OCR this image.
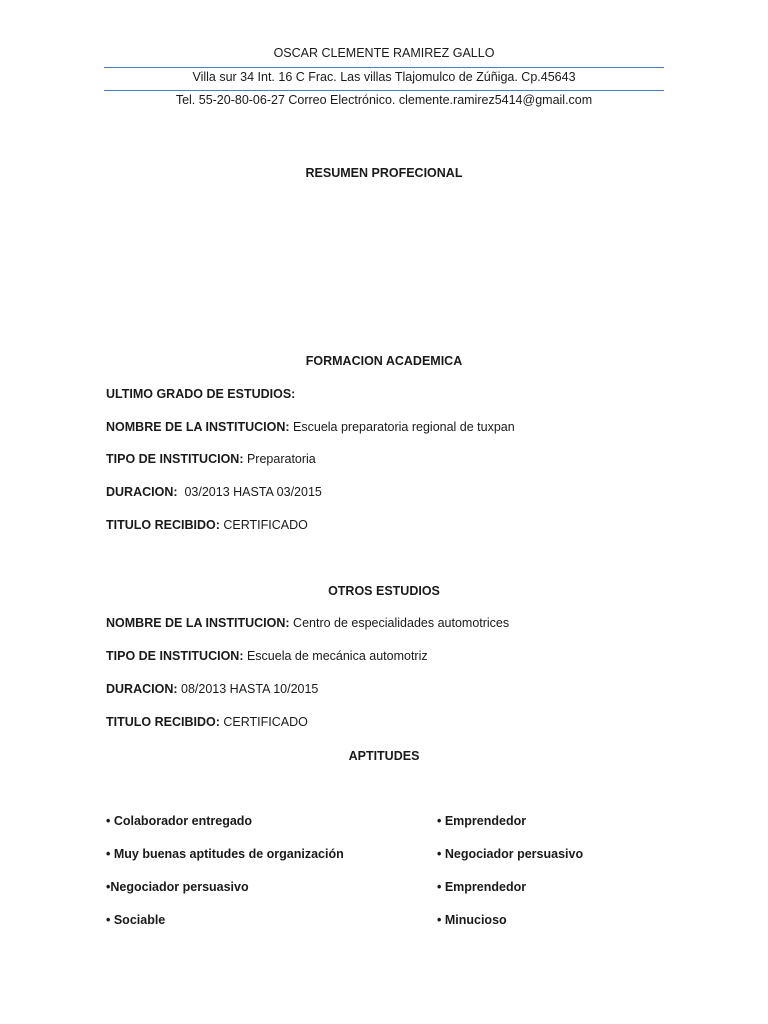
OSCAR CLEMENTE RAMIREZ GALLO
Villa sur 34 Int. 16 C Frac. Las villas Tlajomulco de Zúñiga. Cp.45643
Tel. 55-20-80-06-27 Correo Electrónico. clemente.ramirez5414@gmail.com
RESUMEN PROFECIONAL
FORMACION ACADEMICA
ULTIMO GRADO DE ESTUDIOS:
NOMBRE DE LA INSTITUCION: Escuela preparatoria regional de tuxpan
TIPO DE INSTITUCION: Preparatoria
DURACION:  03/2013 HASTA 03/2015
TITULO RECIBIDO: CERTIFICADO
OTROS ESTUDIOS
NOMBRE DE LA INSTITUCION: Centro de especialidades automotrices
TIPO DE INSTITUCION: Escuela de mecánica automotriz
DURACION: 08/2013 HASTA 10/2015
TITULO RECIBIDO: CERTIFICADO
APTITUDES
• Colaborador entregado
• Muy buenas aptitudes de organización
•Negociador persuasivo
• Sociable
• Emprendedor
• Negociador persuasivo
• Emprendedor
• Minucioso
